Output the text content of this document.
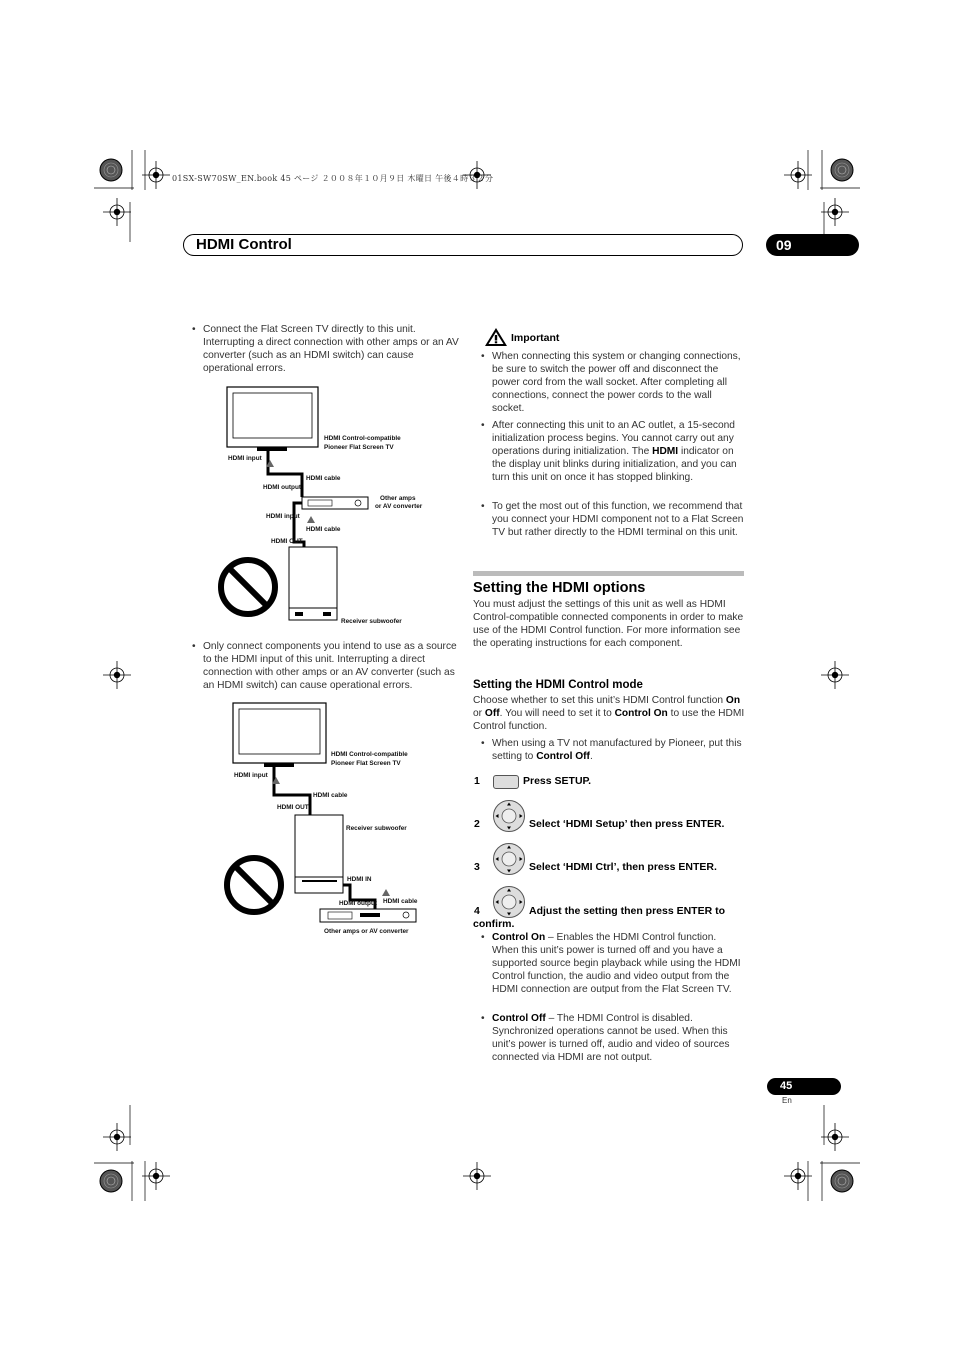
01SX-SW70SW_EN.book 45 ページ ２００８年１０月９日 木曜日 午後４時３２分
HDMI Control	09
• Connect the Flat Screen TV directly to this unit. Interrupting a direct connection with other amps or an AV converter (such as an HDMI switch) can cause operational errors.
HDMI Control-compatible
Pioneer Flat Screen TV
HDMI input
HDMI cable
HDMI output
Other amps
or AV converter
HDMI input
HDMI cable
HDMI OUT
Receiver subwoofer
• Only connect components you intend to use as a source to the HDMI input of this unit. Interrupting a direct connection with other amps or an AV converter (such as an HDMI switch) can cause operational errors.
HDMI Control-compatible
Pioneer Flat Screen TV
HDMI input
HDMI cable
HDMI OUT
Receiver subwoofer
HDMI IN
HDMI output HDMI cable
Other amps or AV converter
Important
• When connecting this system or changing connections, be sure to switch the power off and disconnect the power cord from the wall socket. After completing all connections, connect the power cords to the wall socket.
• After connecting this unit to an AC outlet, a 15-second initialization process begins. You cannot carry out any operations during initialization. The HDMI indicator on the display unit blinks during initialization, and you can turn this unit on once it has stopped blinking.
• To get the most out of this function, we recommend that you connect your HDMI component not to a Flat Screen TV but rather directly to the HDMI terminal on this unit.
Setting the HDMI options
You must adjust the settings of this unit as well as HDMI Control-compatible connected components in order to make use of the HDMI Control function. For more information see the operating instructions for each component.
Setting the HDMI Control mode
Choose whether to set this unit’s HDMI Control function On or Off. You will need to set it to Control On to use the HDMI Control function.
• When using a TV not manufactured by Pioneer, put this setting to Control Off.
1	Press SETUP.
2	Select ‘HDMI Setup’ then press ENTER.
3	Select ‘HDMI Ctrl’, then press ENTER.
4	Adjust the setting then press ENTER to
confirm.
• Control On – Enables the HDMI Control function. When this unit’s power is turned off and you have a supported source begin playback while using the HDMI Control function, the audio and video output from the HDMI connection are output from the Flat Screen TV.
• Control Off – The HDMI Control is disabled. Synchronized operations cannot be used. When this unit’s power is turned off, audio and video of sources connected via HDMI are not output.
45
En
